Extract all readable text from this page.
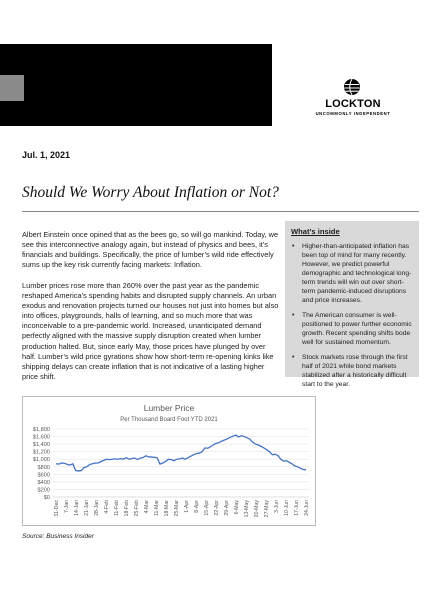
LOCKTON
UNCOMMONLY INDEPENDENT
Jul. 1, 2021
Should We Worry About Inflation or Not?

Albert Einstein once opined that as the bees go, so will go mankind. Today, we see this interconnective analogy again, but instead of physics and bees, it’s financials and buildings. Specifically, the price of lumber’s wild ride effectively sums up the key risk currently facing markets: Inflation.

Lumber prices rose more than 260% over the past year as the pandemic reshaped America’s spending habits and disrupted supply channels. An urban exodus and renovation projects turned our houses not just into homes but also into offices, playgrounds, halls of learning, and so much more that was inconceivable to a pre-pandemic world. Increased, unanticipated demand perfectly aligned with the massive supply disruption created when lumber production halted. But, since early May, those prices have plunged by over half. Lumber’s wild price gyrations show how short-term re-opening kinks like shipping delays can create inflation that is not indicative of a lasting higher price shift.

What’s inside
• Higher-than-anticipated inflation has been top of mind for many recently. However, we predict powerful demographic and technological long-term trends will win out over short-term pandemic-induced disruptions and price increases.
• The American consumer is well-positioned to power further economic growth. Recent spending shifts bode well for sustained momentum.
• Stock markets rose through the first half of 2021 while bond markets stabilized after a historically difficult start to the year.
Lumber Price
Per Thousand Board Foot YTD 2021
$0
$200
$400
$600
$800
$1,000
$1,200
$1,400
$1,600
$1,800
31-Dec 7-Jan 14-Jan 21-Jan 28-Jan 4-Feb 11-Feb 18-Feb 25-Feb 4-Mar 11-Mar 18-Mar 25-Mar 1-Apr 8-Apr 15-Apr 22-Apr 29-Apr 6-May 13-May 20-May 27-May 3-Jun 10-Jun 17-Jun 24-Jun
Source: Business Insider
